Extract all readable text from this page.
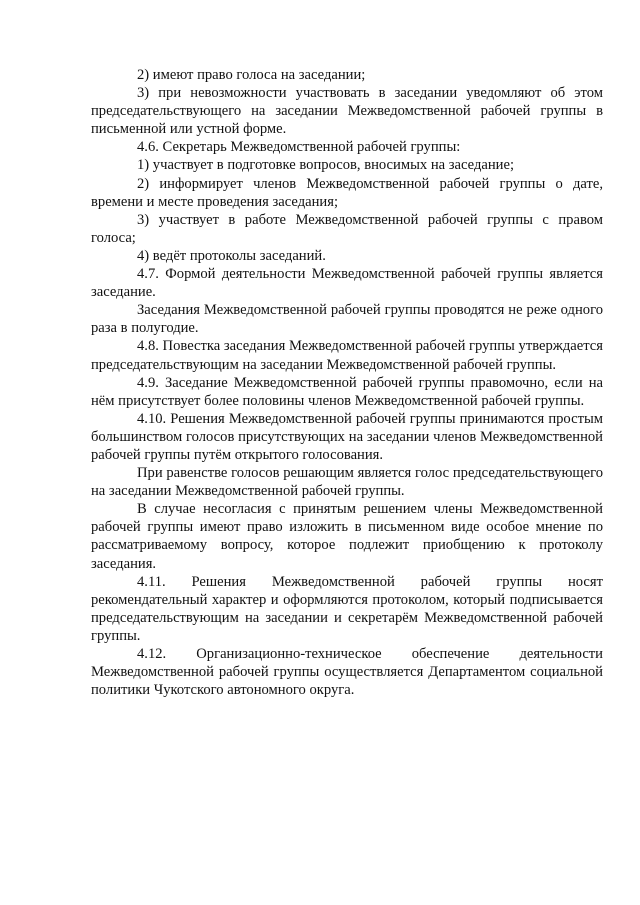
2) имеют право голоса на заседании;

3) при невозможности участвовать в заседании уведомляют об этом председательствующего на заседании Межведомственной рабочей группы в письменной или устной форме.

4.6. Секретарь Межведомственной рабочей группы:

1) участвует в подготовке вопросов, вносимых на заседание;

2) информирует членов Межведомственной рабочей группы о дате, времени и месте проведения заседания;

3) участвует в работе Межведомственной рабочей группы с правом голоса;

4) ведёт протоколы заседаний.

4.7. Формой деятельности Межведомственной рабочей группы является заседание.

Заседания Межведомственной рабочей группы проводятся не реже одного раза в полугодие.

4.8. Повестка заседания Межведомственной рабочей группы утверждается председательствующим на заседании Межведомственной рабочей группы.

4.9. Заседание Межведомственной рабочей группы правомочно, если на нём присутствует более половины членов Межведомственной рабочей группы.

4.10. Решения Межведомственной рабочей группы принимаются простым большинством голосов присутствующих на заседании членов Межведомственной рабочей группы путём открытого голосования.

При равенстве голосов решающим является голос председательствующего на заседании Межведомственной рабочей группы.

В случае несогласия с принятым решением члены Межведомственной рабочей группы имеют право изложить в письменном виде особое мнение по рассматриваемому вопросу, которое подлежит приобщению к протоколу заседания.

4.11. Решения Межведомственной рабочей группы носят рекомендательный характер и оформляются протоколом, который подписывается председательствующим на заседании и секретарём Межведомственной рабочей группы.

4.12. Организационно-техническое обеспечение деятельности Межведомственной рабочей группы осуществляется Департаментом социальной политики Чукотского автономного округа.
